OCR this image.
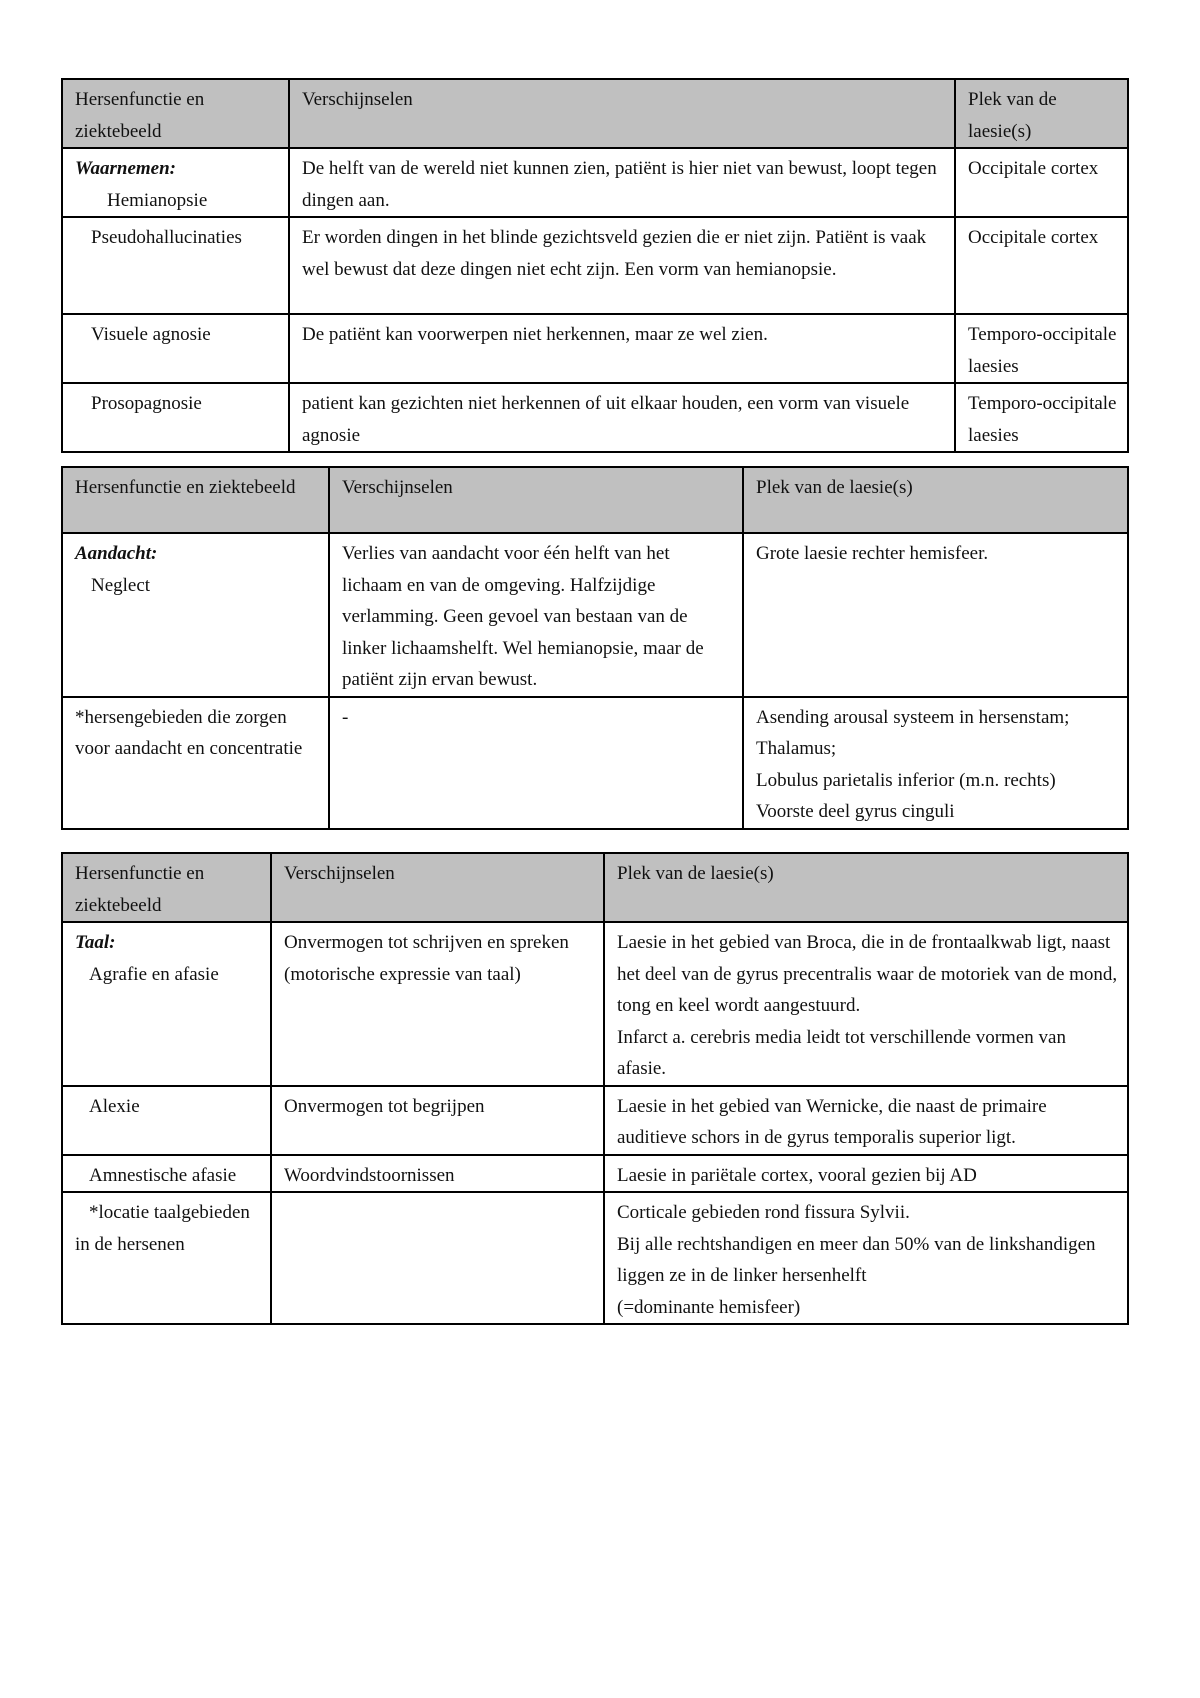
Hersenfunctie en ziektebeeld	Verschijnselen	Plek van de laesie(s)

Waarnemen:
Hemianopsie	De helft van de wereld niet kunnen zien, patiënt is hier niet van bewust, loopt tegen dingen aan.	Occipitale cortex

Pseudohallucinaties	Er worden dingen in het blinde gezichtsveld gezien die er niet zijn. Patiënt is vaak wel bewust dat deze dingen niet echt zijn. Een vorm van hemianopsie.	Occipitale cortex

Visuele agnosie	De patiënt kan voorwerpen niet herkennen, maar ze wel zien.	Temporo-occipitale laesies

Prosopagnosie	patient kan gezichten niet herkennen of uit elkaar houden, een vorm van visuele agnosie	Temporo-occipitale laesies
Hersenfunctie en ziektebeeld	Verschijnselen	Plek van de laesie(s)

Aandacht:
Neglect	Verlies van aandacht voor één helft van het lichaam en van de omgeving. Halfzijdige verlamming. Geen gevoel van bestaan van de linker lichaamshelft. Wel hemianopsie, maar de patiënt zijn ervan bewust.	Grote laesie rechter hemisfeer.
*hersengebieden die zorgen voor aandacht en concentratie	-	Asending arousal systeem in hersenstam;
Thalamus;
Lobulus parietalis inferior (m.n. rechts)
Voorste deel gyrus cinguli
Hersenfunctie en ziektebeeld	Verschijnselen	Plek van de laesie(s)

Taal:
Agrafie en afasie	Onvermogen tot schrijven en spreken (motorische expressie van taal)	Laesie in het gebied van Broca, die in de frontaalkwab ligt, naast het deel van de gyrus precentralis waar de motoriek van de mond, tong en keel wordt aangestuurd.
Infarct a. cerebris media leidt tot verschillende vormen van afasie.

Alexie	Onvermogen tot begrijpen	Laesie in het gebied van Wernicke, die naast de primaire auditieve schors in de gyrus temporalis superior ligt.

Amnestische afasie	Woordvindstoornissen	Laesie in pariëtale cortex, vooral gezien bij AD
*locatie taalgebieden in de hersenen		Corticale gebieden rond fissura Sylvii.
Bij alle rechtshandigen en meer dan 50% van de linkshandigen liggen ze in de linker hersenhelft
(=dominante hemisfeer)
